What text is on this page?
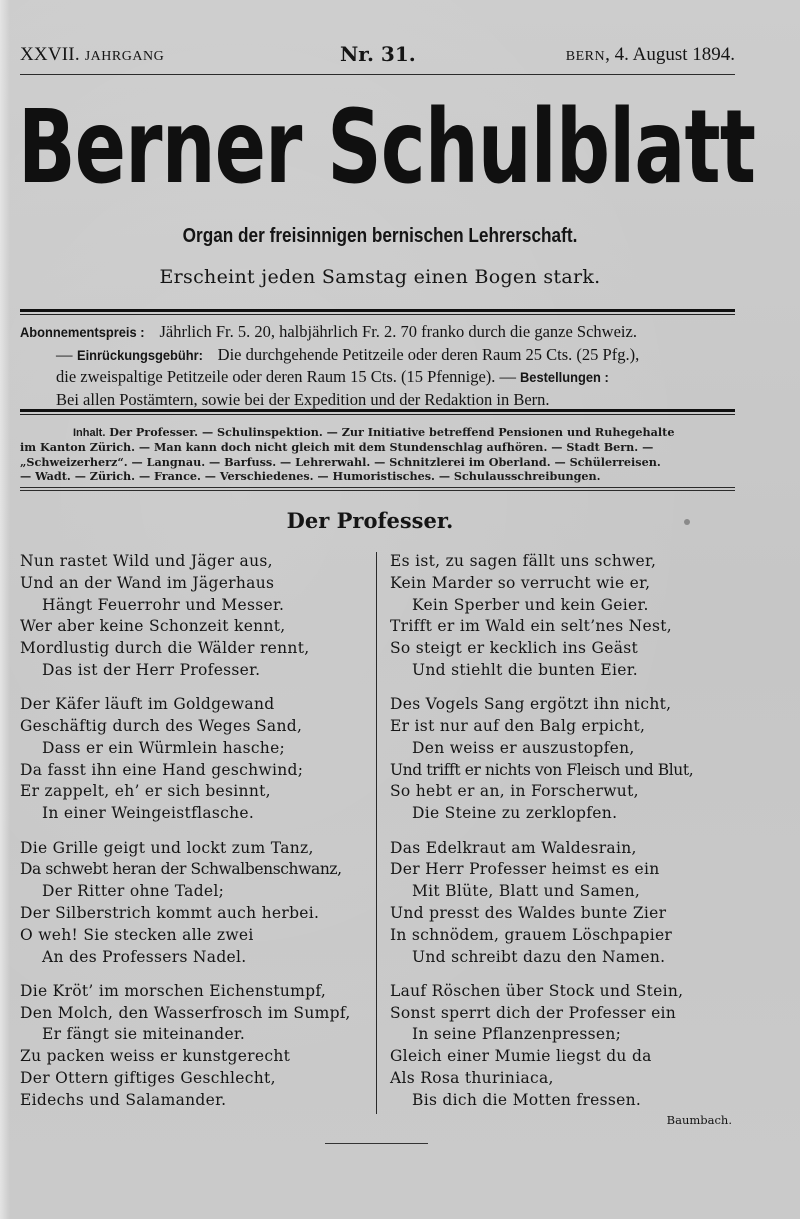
XXVII. JAHRGANG	Nr. 31.	BERN, 4. August 1894.
Berner Schulblatt
Organ der freisinnigen bernischen Lehrerschaft.
Erscheint jeden Samstag einen Bogen stark.
Abonnementspreis : Jährlich Fr. 5. 20, halbjährlich Fr. 2. 70 franko durch die ganze Schweiz.
— Einrückungsgebühr: Die durchgehende Petitzeile oder deren Raum 25 Cts. (25 Pfg.),
die zweispaltige Petitzeile oder deren Raum 15 Cts. (15 Pfennige). — Bestellungen :
Bei allen Postämtern, sowie bei der Expedition und der Redaktion in Bern.
Inhalt. Der Professer. — Schulinspektion. — Zur Initiative betreffend Pensionen und Ruhegehalte
im Kanton Zürich. — Man kann doch nicht gleich mit dem Stundenschlag aufhören. — Stadt Bern. —
„Schweizerherz“. — Langnau. — Barfuss. — Lehrerwahl. — Schnitzlerei im Oberland. — Schülerreisen.
— Wadt. — Zürich. — France. — Verschiedenes. — Humoristisches. — Schulausschreibungen.
Der Professer.
Nun rastet Wild und Jäger aus,
Und an der Wand im Jägerhaus
Hängt Feuerrohr und Messer.
Wer aber keine Schonzeit kennt,
Mordlustig durch die Wälder rennt,
Das ist der Herr Professer.
Der Käfer läuft im Goldgewand
Geschäftig durch des Weges Sand,
Dass er ein Würmlein hasche;
Da fasst ihn eine Hand geschwind;
Er zappelt, eh’ er sich besinnt,
In einer Weingeistflasche.
Die Grille geigt und lockt zum Tanz,
Da schwebt heran der Schwalbenschwanz,
Der Ritter ohne Tadel;
Der Silberstrich kommt auch herbei.
O weh! Sie stecken alle zwei
An des Professers Nadel.
Die Kröt’ im morschen Eichenstumpf,
Den Molch, den Wasserfrosch im Sumpf,
Er fängt sie miteinander.
Zu packen weiss er kunstgerecht
Der Ottern giftiges Geschlecht,
Eidechs und Salamander.
Es ist, zu sagen fällt uns schwer,
Kein Marder so verrucht wie er,
Kein Sperber und kein Geier.
Trifft er im Wald ein selt’nes Nest,
So steigt er kecklich ins Geäst
Und stiehlt die bunten Eier.
Des Vogels Sang ergötzt ihn nicht,
Er ist nur auf den Balg erpicht,
Den weiss er auszustopfen,
Und trifft er nichts von Fleisch und Blut,
So hebt er an, in Forscherwut,
Die Steine zu zerklopfen.
Das Edelkraut am Waldesrain,
Der Herr Professer heimst es ein
Mit Blüte, Blatt und Samen,
Und presst des Waldes bunte Zier
In schnödem, grauem Löschpapier
Und schreibt dazu den Namen.
Lauf Röschen über Stock und Stein,
Sonst sperrt dich der Professer ein
In seine Pflanzenpressen;
Gleich einer Mumie liegst du da
Als Rosa thuriniaca,
Bis dich die Motten fressen.
Baumbach.
